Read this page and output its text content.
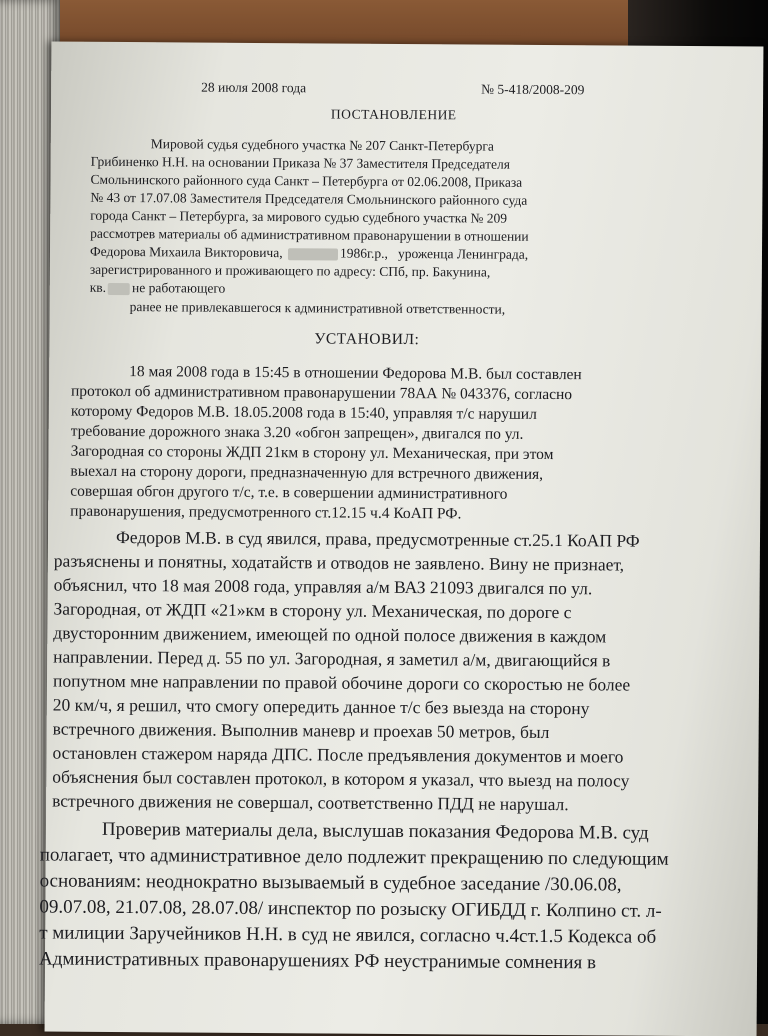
28 июля 2008 года	№ 5-418/2008-209
ПОСТАНОВЛЕНИЕ
Мировой судья судебного участка № 207 Санкт-Петербурга
Грибиненко Н.Н. на основании Приказа № 37 Заместителя Председателя
Смольнинского районного суда Санкт – Петербурга от 02.06.2008, Приказа
№ 43 от 17.07.08 Заместителя Председателя Смольнинского районного суда
города Санкт – Петербурга, за мирового судью судебного участка № 209
рассмотрев материалы об административном правонарушении в отношении
Федорова Михаила Викторовича,	1986г.р., уроженца Ленинграда,
зарегистрированного и проживающего по адресу: СПб, пр. Бакунина,
кв. не работающего
ранее не привлекавшегося к административной ответственности,
УСТАНОВИЛ:
18 мая 2008 года в 15:45 в отношении Федорова М.В. был составлен
протокол об административном правонарушении 78АА № 043376, согласно
которому Федоров М.В. 18.05.2008 года в 15:40, управляя т/с нарушил
требование дорожного знака 3.20 «обгон запрещен», двигался по ул.
Загородная со стороны ЖДП 21км в сторону ул. Механическая, при этом
выехал на сторону дороги, предназначенную для встречного движения,
совершая обгон другого т/с, т.е. в совершении административного
правонарушения, предусмотренного ст.12.15 ч.4 КоАП РФ.
Федоров М.В. в суд явился, права, предусмотренные ст.25.1 КоАП РФ
разъяснены и понятны, ходатайств и отводов не заявлено. Вину не признает,
объяснил, что 18 мая 2008 года, управляя а/м ВАЗ 21093 двигался по ул.
Загородная, от ЖДП «21»км в сторону ул. Механическая, по дороге с
двусторонним движением, имеющей по одной полосе движения в каждом
направлении. Перед д. 55 по ул. Загородная, я заметил а/м, двигающийся в
попутном мне направлении по правой обочине дороги со скоростью не более
20 км/ч, я решил, что смогу опередить данное т/с без выезда на сторону
встречного движения. Выполнив маневр и проехав 50 метров, был
остановлен стажером наряда ДПС. После предъявления документов и моего
объяснения был составлен протокол, в котором я указал, что выезд на полосу
встречного движения не совершал, соответственно ПДД не нарушал.
Проверив материалы дела, выслушав показания Федорова М.В. суд
полагает, что административное дело подлежит прекращению по следующим
основаниям: неоднократно вызываемый в судебное заседание /30.06.08,
09.07.08, 21.07.08, 28.07.08/ инспектор по розыску ОГИБДД г. Колпино ст. л-
т милиции Заручейников Н.Н. в суд не явился, согласно ч.4ст.1.5 Кодекса об
Административных правонарушениях РФ неустранимые сомнения в
